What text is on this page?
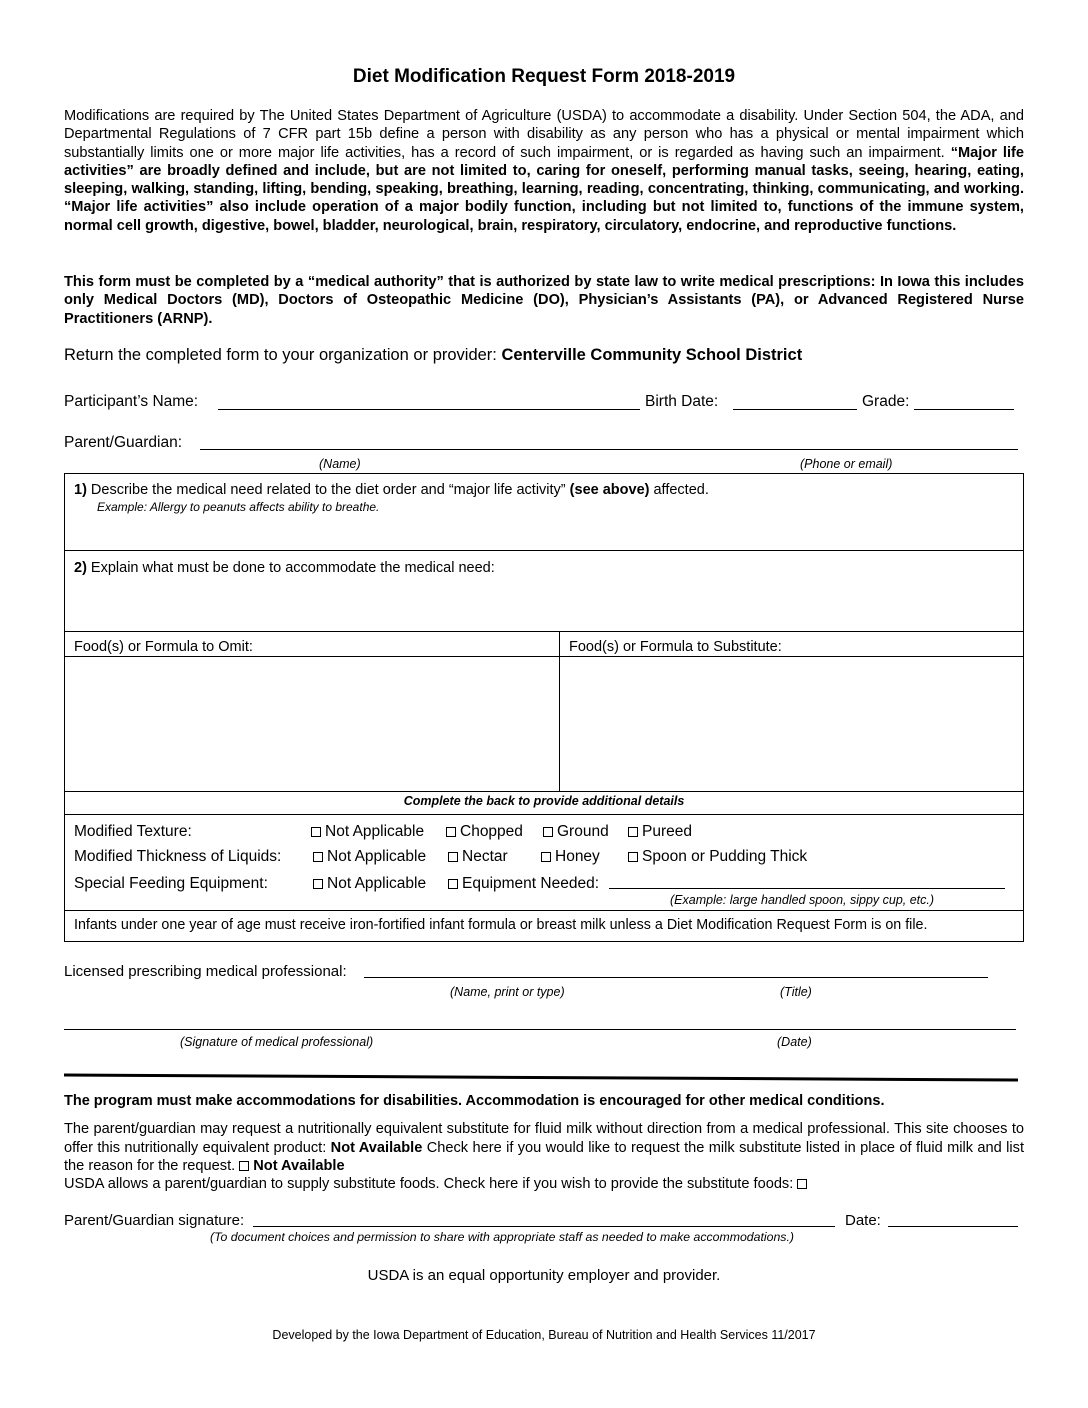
Diet Modification Request Form 2018-2019
Modifications are required by The United States Department of Agriculture (USDA) to accommodate a disability. Under Section 504, the ADA, and Departmental Regulations of 7 CFR part 15b define a person with disability as any person who has a physical or mental impairment which substantially limits one or more major life activities, has a record of such impairment, or is regarded as having such an impairment. “Major life activities” are broadly defined and include, but are not limited to, caring for oneself, performing manual tasks, seeing, hearing, eating, sleeping, walking, standing, lifting, bending, speaking, breathing, learning, reading, concentrating, thinking, communicating, and working. “Major life activities” also include operation of a major bodily function, including but not limited to, functions of the immune system, normal cell growth, digestive, bowel, bladder, neurological, brain, respiratory, circulatory, endocrine, and reproductive functions.
This form must be completed by a “medical authority” that is authorized by state law to write medical prescriptions: In Iowa this includes only Medical Doctors (MD), Doctors of Osteopathic Medicine (DO), Physician’s Assistants (PA), or Advanced Registered Nurse Practitioners (ARNP).
Return the completed form to your organization or provider: Centerville Community School District
Participant’s Name:	Birth Date:	Grade:
Parent/Guardian:
(Name)	(Phone or email)
1) Describe the medical need related to the diet order and “major life activity” (see above) affected.
Example: Allergy to peanuts affects ability to breathe.
2) Explain what must be done to accommodate the medical need:
Food(s) or Formula to Omit:	Food(s) or Formula to Substitute:
Complete the back to provide additional details
Modified Texture:	Not Applicable	Chopped	Ground	Pureed
Modified Thickness of Liquids:	Not Applicable	Nectar	Honey	Spoon or Pudding Thick
Special Feeding Equipment:	Not Applicable	Equipment Needed:
(Example: large handled spoon, sippy cup, etc.)
Infants under one year of age must receive iron-fortified infant formula or breast milk unless a Diet Modification Request Form is on file.
Licensed prescribing medical professional:
(Name, print or type)	(Title)
(Signature of medical professional)	(Date)
The program must make accommodations for disabilities. Accommodation is encouraged for other medical conditions.
The parent/guardian may request a nutritionally equivalent substitute for fluid milk without direction from a medical professional. This site chooses to offer this nutritionally equivalent product: Not Available Check here if you would like to request the milk substitute listed in place of fluid milk and list the reason for the request. Not Available
USDA allows a parent/guardian to supply substitute foods. Check here if you wish to provide the substitute foods:
Parent/Guardian signature:	Date:
(To document choices and permission to share with appropriate staff as needed to make accommodations.)
USDA is an equal opportunity employer and provider.
Developed by the Iowa Department of Education, Bureau of Nutrition and Health Services 11/2017
